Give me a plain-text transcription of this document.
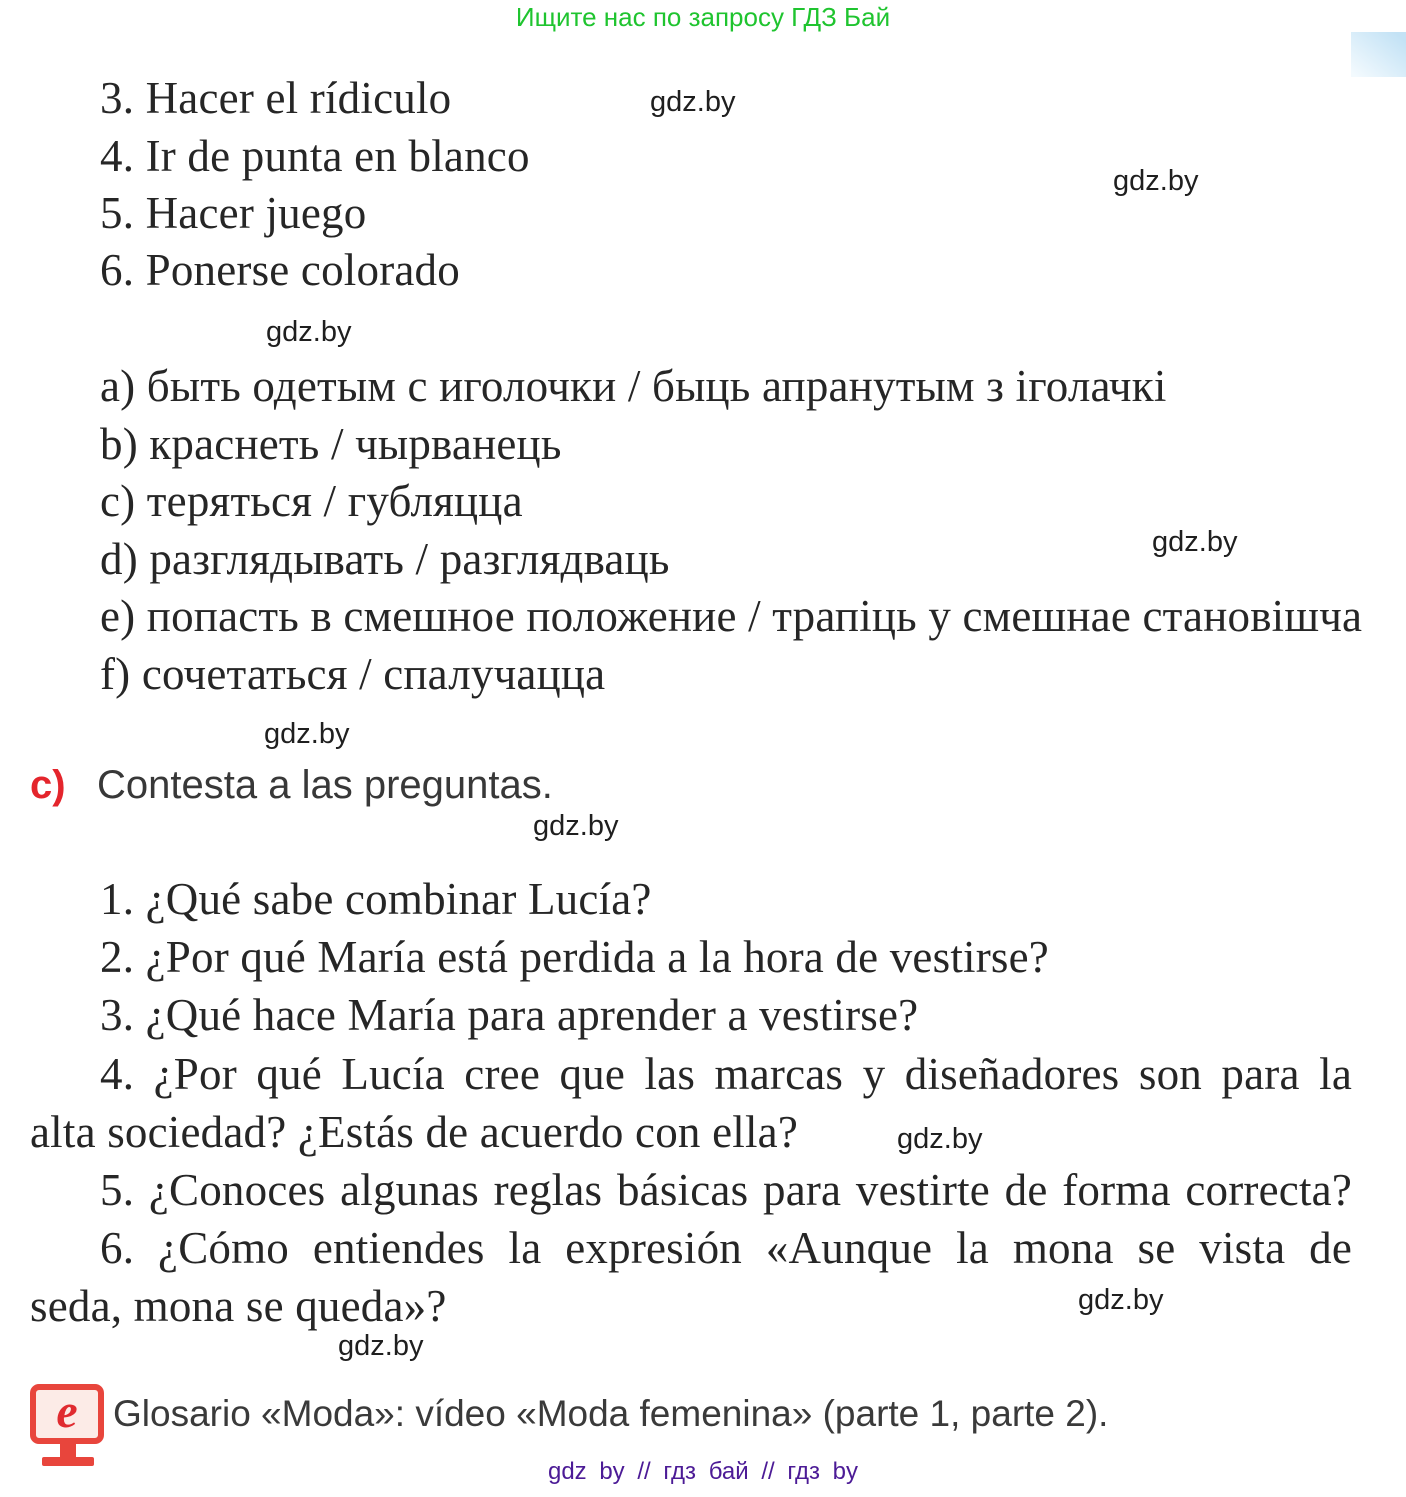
Ищите нас по запросу ГДЗ Бай
3. Hacer el rídiculo
4. Ir de punta en blanco
5. Hacer juego
6. Ponerse colorado
a) быть одетым с иголочки / быць апранутым з іголачкі
b) краснеть / чырванець
c) теряться / губляцца
d) разглядывать / разглядваць
e) попасть в смешное положение / трапіць у смешнае становішча
f) сочетаться / спалучацца
c) Contesta a las preguntas.
1. ¿Qué sabe combinar Lucía?
2. ¿Por qué María está perdida a la hora de vestirse?
3. ¿Qué hace María para aprender a vestirse?
4. ¿Por qué Lucía cree que las marcas y diseñadores son para la
alta sociedad? ¿Estás de acuerdo con ella?
5. ¿Conoces algunas reglas básicas para vestirte de forma correcta?
6. ¿Cómo entiendes la expresión «Aunque la mona se vista de
seda, mona se queda»?
gdz.by
gdz.by
gdz.by
gdz.by
gdz.by
gdz.by
gdz.by
gdz.by
gdz.by
e Glosario «Moda»: vídeo «Moda femenina» (parte 1, parte 2).
gdz by // гдз бай // гдз by
